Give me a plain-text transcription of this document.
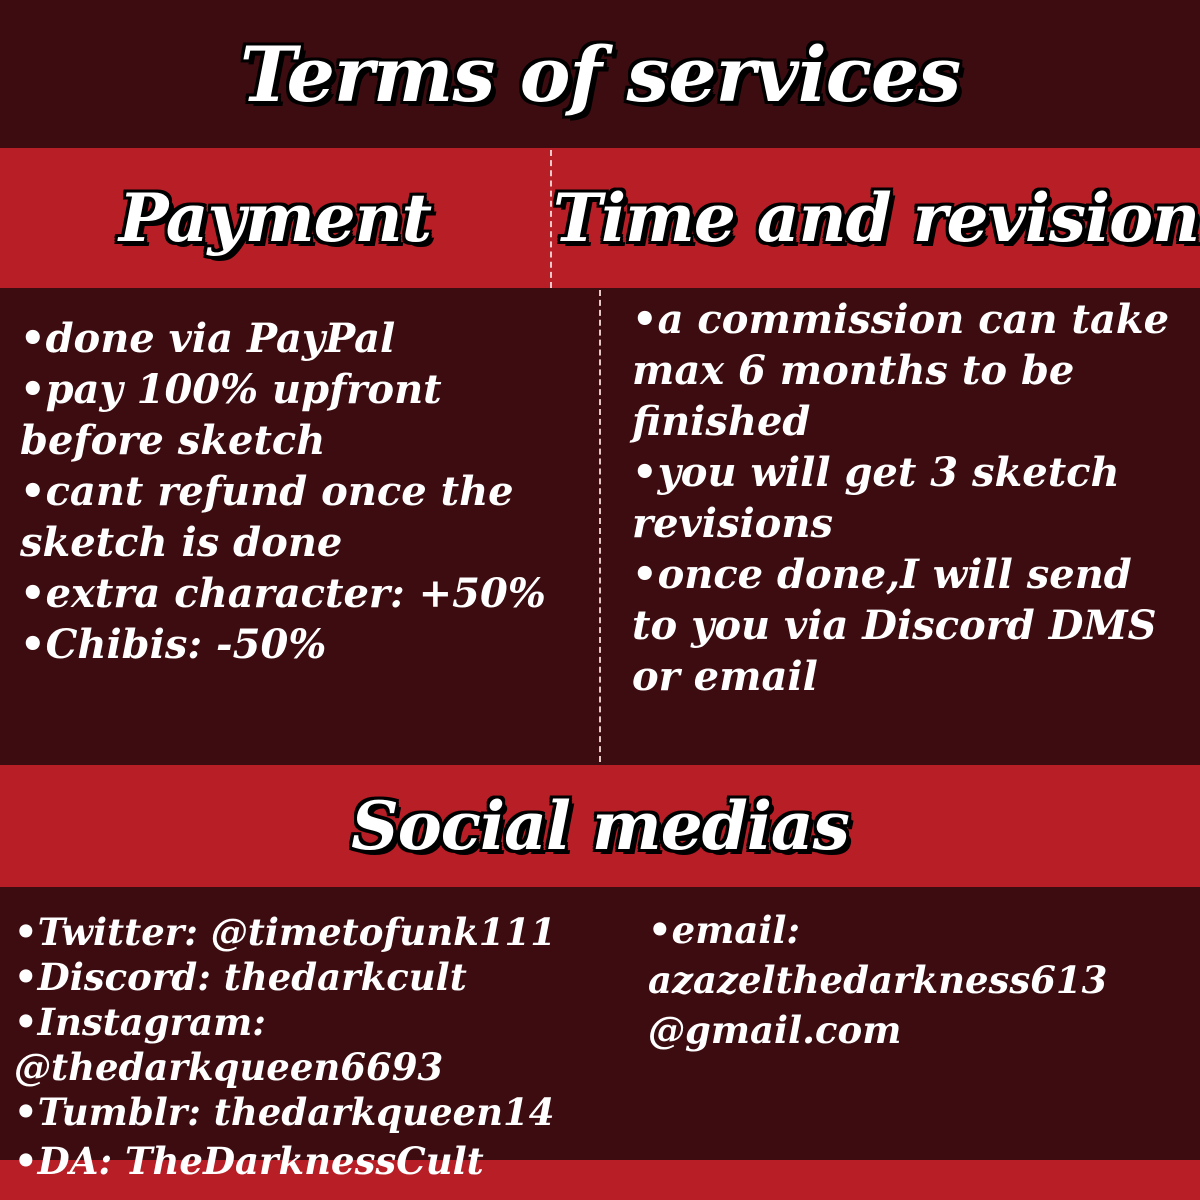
Terms of services
Payment Time and revision
•done via PayPal
•pay 100% upfront before sketch
•cant refund once the sketch is done
•extra character: +50%
•Chibis: -50%
•a commission can take max 6 months to be finished
•you will get 3 sketch revisions
•once done,I will send to you via Discord DMS or email
Social medias
•Twitter: @timetofunk111
•Discord: thedarkcult
•Instagram: @thedarkqueen6693
•Tumblr: thedarkqueen14
•DA: TheDarknessCult
•email:
azazelthedarkness613
@gmail.com
